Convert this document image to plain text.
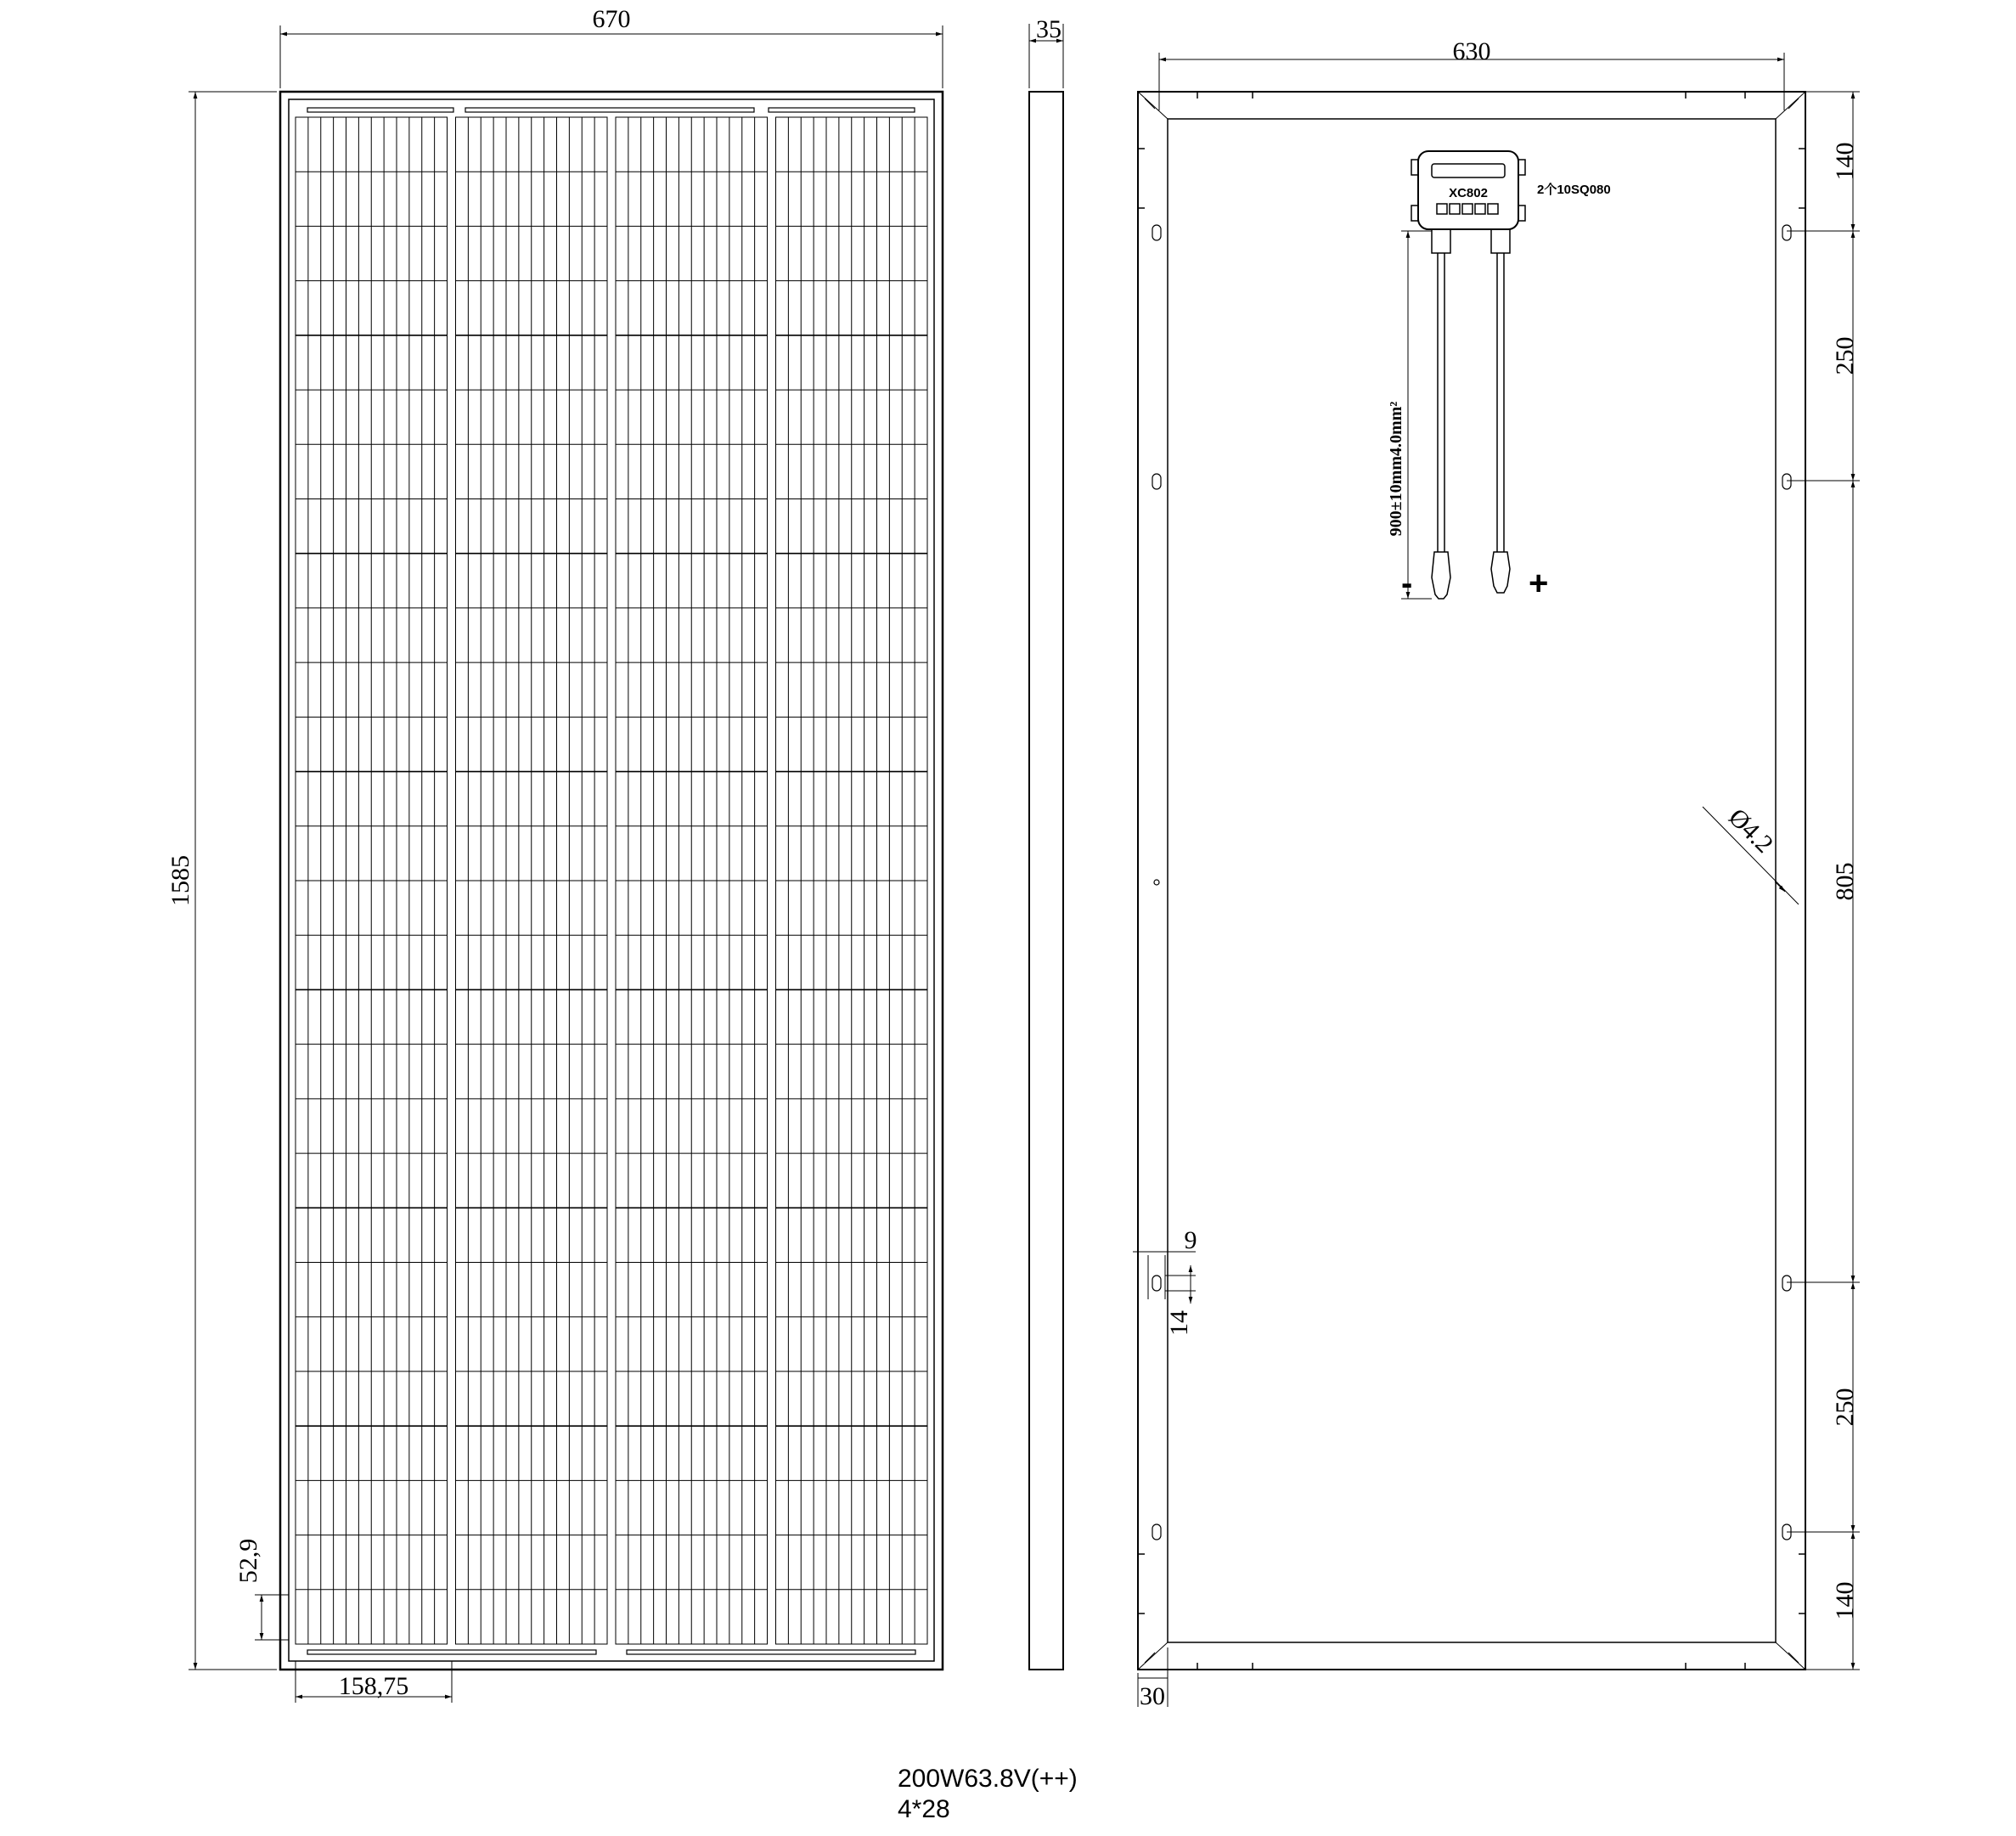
670
1585
52,9
158,75
35
XC802	2个10SQ080
900±10mm4.0mm²
-	+
630
140
250
805
250
140
30
9
14
Ø4.2
200W63.8V(++)
4*28
